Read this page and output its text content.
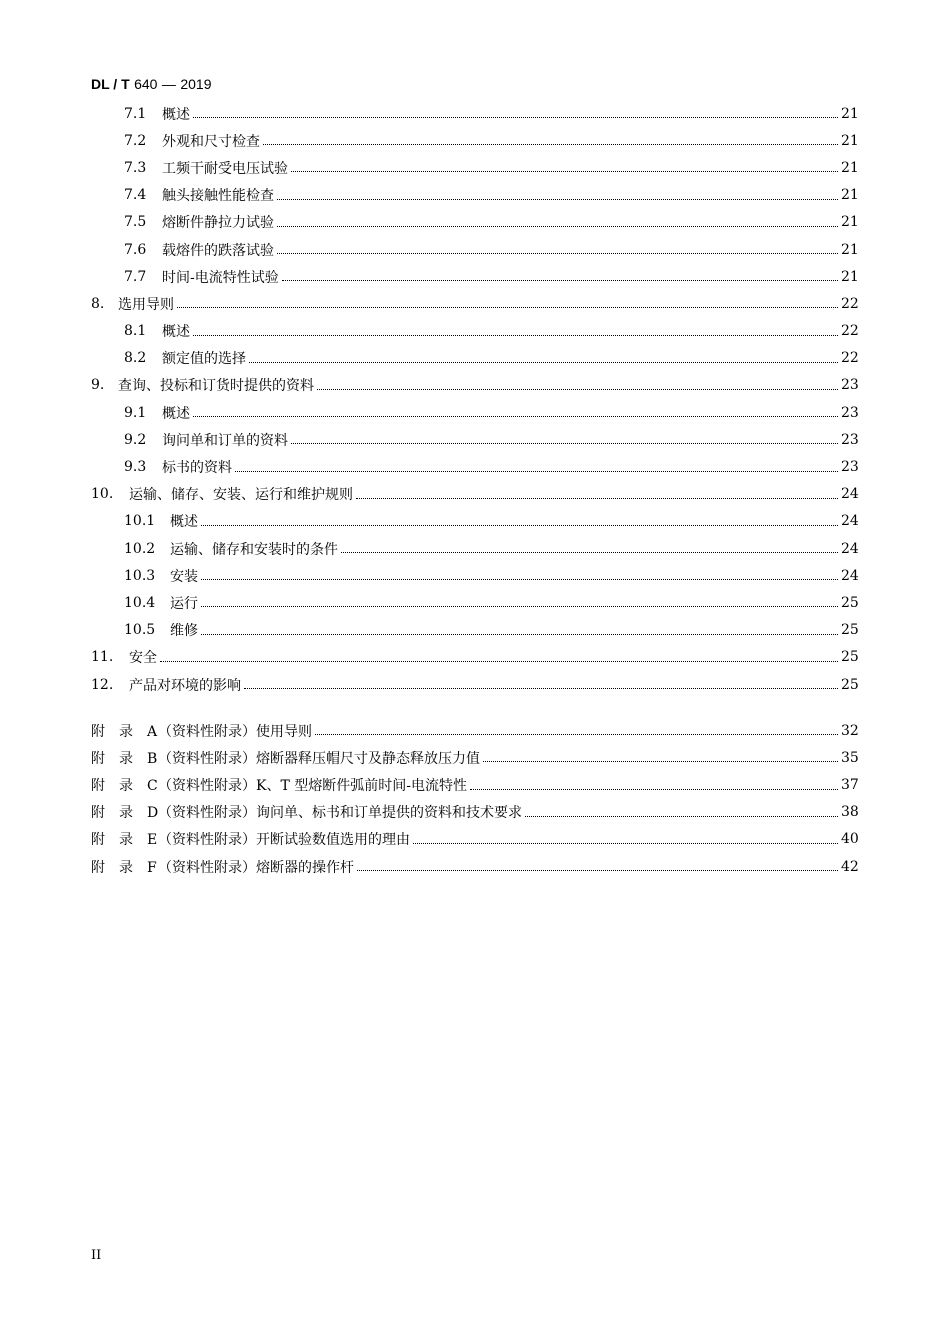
DL / T 640 — 2019
7.1	概述	21
7.2	外观和尺寸检查	21
7.3	工频干耐受电压试验	21
7.4	触头接触性能检查	21
7.5	熔断件静拉力试验	21
7.6	载熔件的跌落试验	21
7.7	时间-电流特性试验	21
8. 选用导则	22
8.1	概述	22
8.2	额定值的选择	22
9. 查询、投标和订货时提供的资料	23
9.1	概述	23
9.2	询问单和订单的资料	23
9.3	标书的资料	23
10.	运输、储存、安装、运行和维护规则	24
10.1	概述	24
10.2	运输、储存和安装时的条件	24
10.3	安装	24
10.4	运行	25
10.5	维修	25
11.	安全	25
12.	产品对环境的影响	25
附　录　A （资料性附录）使用导则	32
附　录　B （资料性附录）熔断器释压帽尺寸及静态释放压力值	35
附　录　C （资料性附录）K、T 型熔断件弧前时间-电流特性	37
附　录　D （资料性附录）询问单、标书和订单提供的资料和技术要求	38
附　录　E （资料性附录）开断试验数值选用的理由	40
附　录　F （资料性附录）熔断器的操作杆	42
II
